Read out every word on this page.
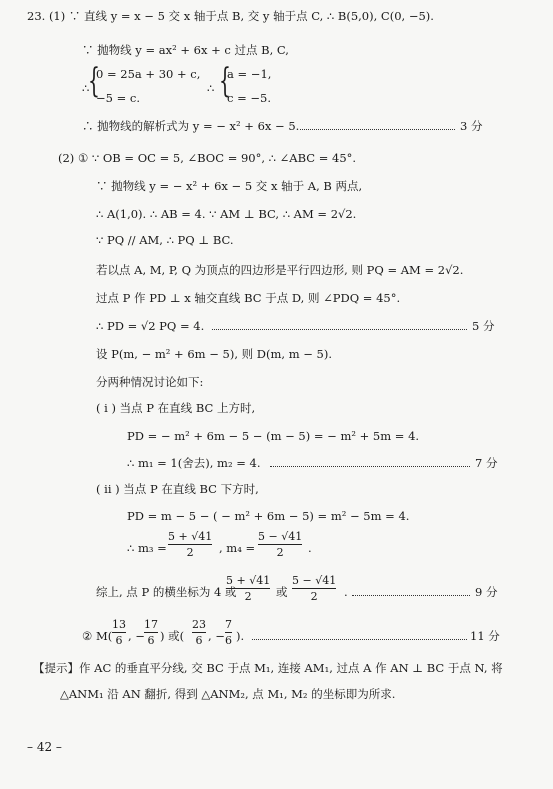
23. (1) ∵ 直线 y = x − 5 交 x 轴于点 B, 交 y 轴于点 C, ∴ B(5,0), C(0, −5).
∵ 抛物线 y = ax² + 6x + c 过点 B, C,
{
0 = 25a + 30 + c,
−5 = c.
∴	∴ {
a = −1,
c = −5.
∴ 抛物线的解析式为 y = − x² + 6x − 5.	3 分
(2) ① ∵ OB = OC = 5, ∠BOC = 90°, ∴ ∠ABC = 45°.
∵ 抛物线 y = − x² + 6x − 5 交 x 轴于 A, B 两点,
∴ A(1,0). ∴ AB = 4. ∵ AM ⊥ BC, ∴ AM = 2√2.
∵ PQ // AM, ∴ PQ ⊥ BC.
若以点 A, M, P, Q 为顶点的四边形是平行四边形, 则 PQ = AM = 2√2.
过点 P 作 PD ⊥ x 轴交直线 BC 于点 D, 则 ∠PDQ = 45°.
∴ PD = √2 PQ = 4.	5 分
设 P(m, − m² + 6m − 5), 则 D(m, m − 5).
分两种情况讨论如下:
( i ) 当点 P 在直线 BC 上方时,
PD = − m² + 6m − 5 − (m − 5) = − m² + 5m = 4.
∴ m₁ = 1(舍去), m₂ = 4.	7 分
( ii ) 当点 P 在直线 BC 下方时,
PD = m − 5 − ( − m² + 6m − 5) = m² − 5m = 4.
∴ m₃ =
5 + √41
2	, m₄ =
5 − √41
2	.
综上, 点 P 的横坐标为 4 或
5 + √41
2	或
5 − √41
2	.	9 分
② M(
13
6 , −
17
6 ) 或(
23
6 , −
7
6 ).	11 分
【提示】作 AC 的垂直平分线, 交 BC 于点 M₁, 连接 AM₁, 过点 A 作 AN ⊥ BC 于点 N, 将
△ANM₁ 沿 AN 翻折, 得到 △ANM₂, 点 M₁, M₂ 的坐标即为所求.
– 42 –
